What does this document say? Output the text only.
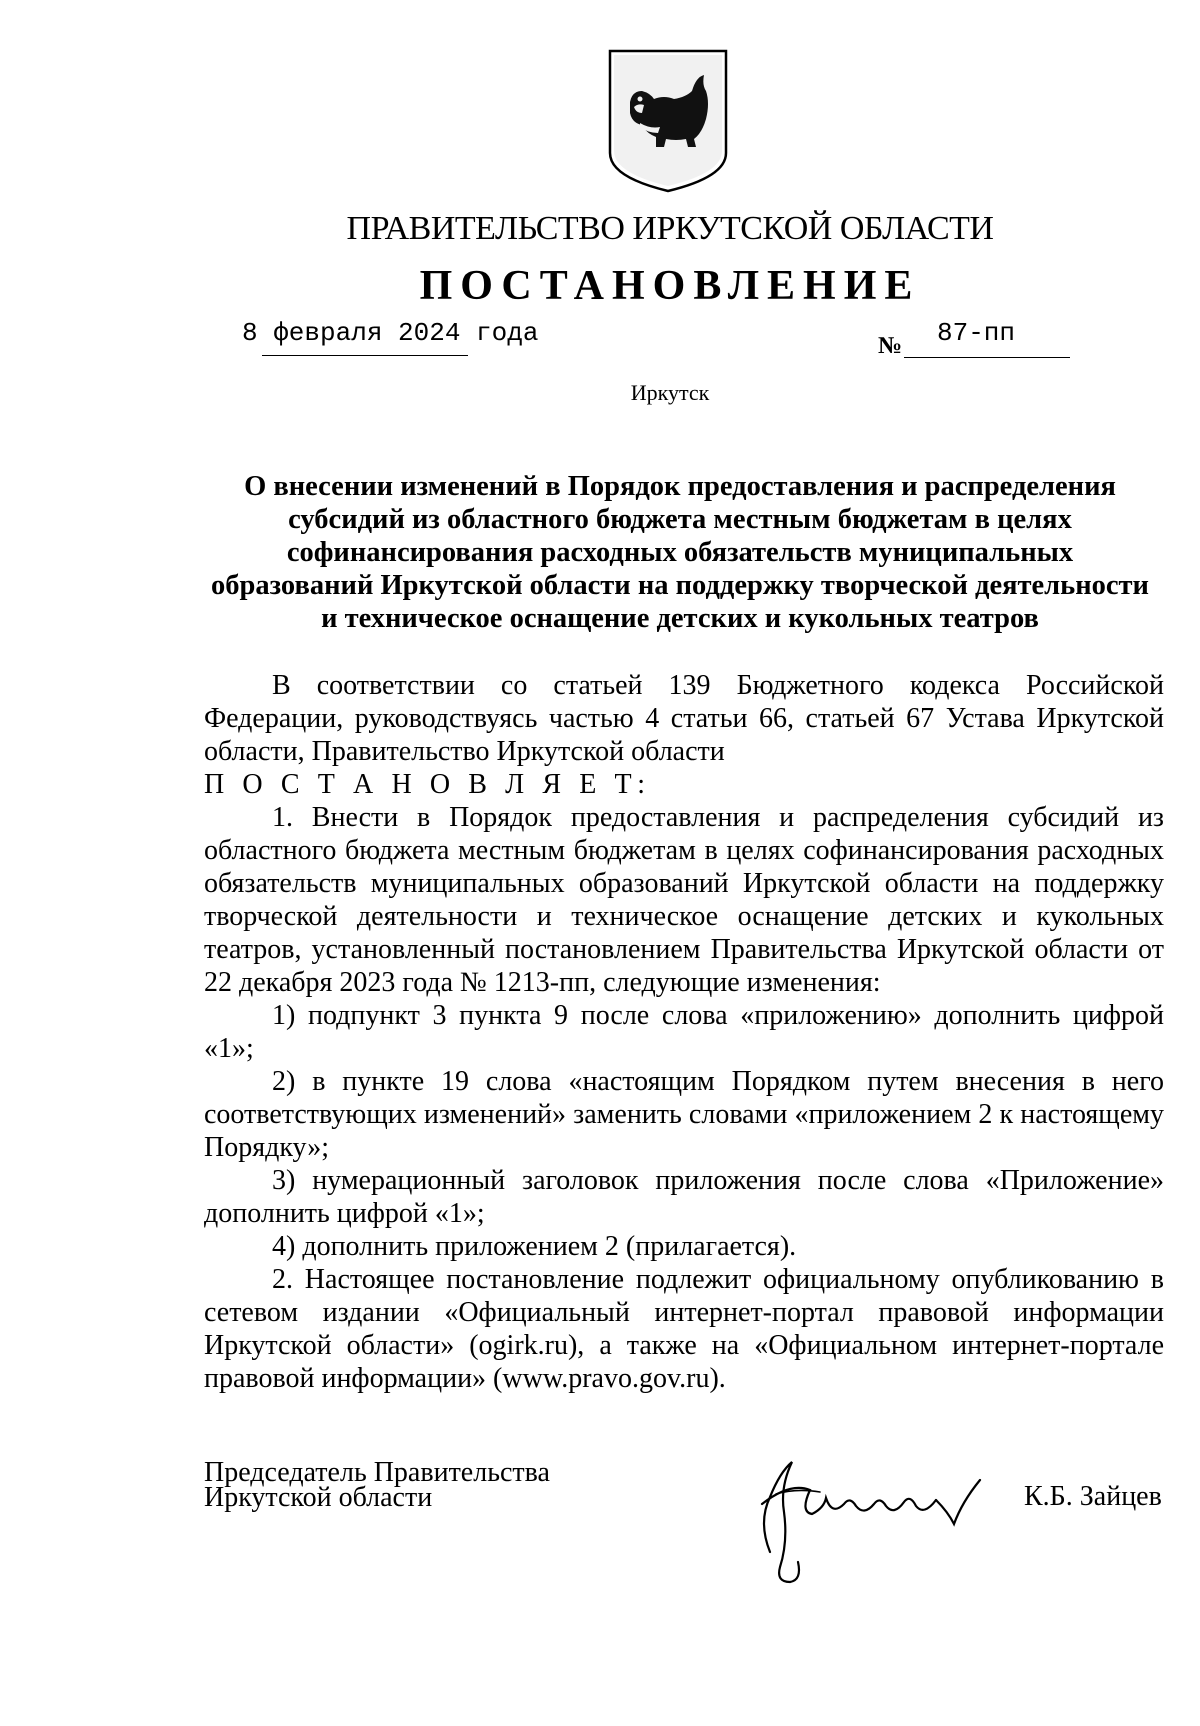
ПРАВИТЕЛЬСТВО ИРКУТСКОЙ ОБЛАСТИ
ПОСТАНОВЛЕНИЕ
8 февраля 2024 года	№ 87-пп
Иркутск
О внесении изменений в Порядок предоставления и распределения
субсидий из областного бюджета местным бюджетам в целях
софинансирования расходных обязательств муниципальных
образований Иркутской области на поддержку творческой деятельности
и техническое оснащение детских и кукольных театров

В соответствии со статьей 139 Бюджетного кодекса Российской Федерации, руководствуясь частью 4 статьи 66, статьей 67 Устава Иркутской области, Правительство Иркутской области

П О С Т А Н О В Л Я Е Т:

1. Внести в Порядок предоставления и распределения субсидий из областного бюджета местным бюджетам в целях софинансирования расходных обязательств муниципальных образований Иркутской области на поддержку творческой деятельности и техническое оснащение детских и кукольных театров, установленный постановлением Правительства Иркутской области от 22 декабря 2023 года № 1213-пп, следующие изменения:

1) подпункт 3 пункта 9 после слова «приложению» дополнить цифрой «1»;

2) в пункте 19 слова «настоящим Порядком путем внесения в него соответствующих изменений» заменить словами «приложением 2 к настоящему Порядку»;

3) нумерационный заголовок приложения после слова «Приложение» дополнить цифрой «1»;

4) дополнить приложением 2 (прилагается).

2. Настоящее постановление подлежит официальному опубликованию в сетевом издании «Официальный интернет-портал правовой информации Иркутской области» (ogirk.ru), а также на «Официальном интернет-портале правовой информации» (www.pravo.gov.ru).

Председатель Правительства
Иркутской области	К.Б. Зайцев
